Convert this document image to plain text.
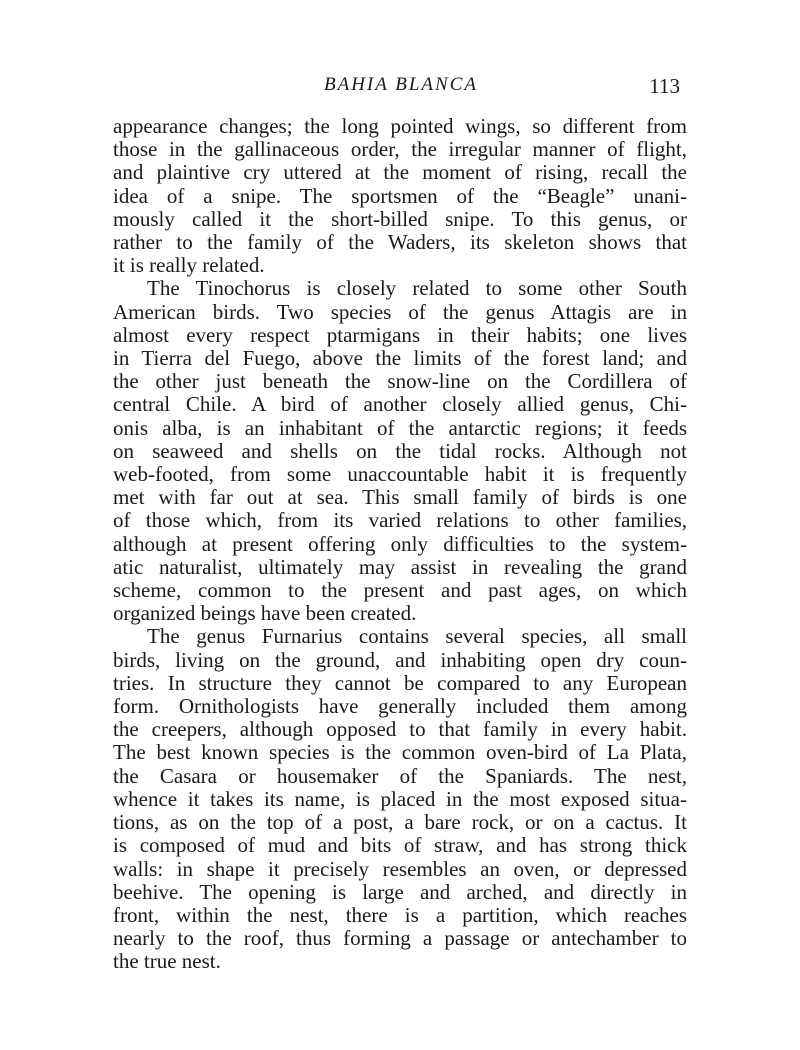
BAHIA BLANCA	113
appearance changes; the long pointed wings, so different from
those in the gallinaceous order, the irregular manner of flight,
and plaintive cry uttered at the moment of rising, recall the
idea of a snipe. The sportsmen of the “Beagle” unani-
mously called it the short-billed snipe. To this genus, or
rather to the family of the Waders, its skeleton shows that
it is really related.
The Tinochorus is closely related to some other South
American birds. Two species of the genus Attagis are in
almost every respect ptarmigans in their habits; one lives
in Tierra del Fuego, above the limits of the forest land; and
the other just beneath the snow-line on the Cordillera of
central Chile. A bird of another closely allied genus, Chi-
onis alba, is an inhabitant of the antarctic regions; it feeds
on seaweed and shells on the tidal rocks. Although not
web-footed, from some unaccountable habit it is frequently
met with far out at sea. This small family of birds is one
of those which, from its varied relations to other families,
although at present offering only difficulties to the system-
atic naturalist, ultimately may assist in revealing the grand
scheme, common to the present and past ages, on which
organized beings have been created.
The genus Furnarius contains several species, all small
birds, living on the ground, and inhabiting open dry coun-
tries. In structure they cannot be compared to any European
form. Ornithologists have generally included them among
the creepers, although opposed to that family in every habit.
The best known species is the common oven-bird of La Plata,
the Casara or housemaker of the Spaniards. The nest,
whence it takes its name, is placed in the most exposed situa-
tions, as on the top of a post, a bare rock, or on a cactus. It
is composed of mud and bits of straw, and has strong thick
walls: in shape it precisely resembles an oven, or depressed
beehive. The opening is large and arched, and directly in
front, within the nest, there is a partition, which reaches
nearly to the roof, thus forming a passage or antechamber to
the true nest.
